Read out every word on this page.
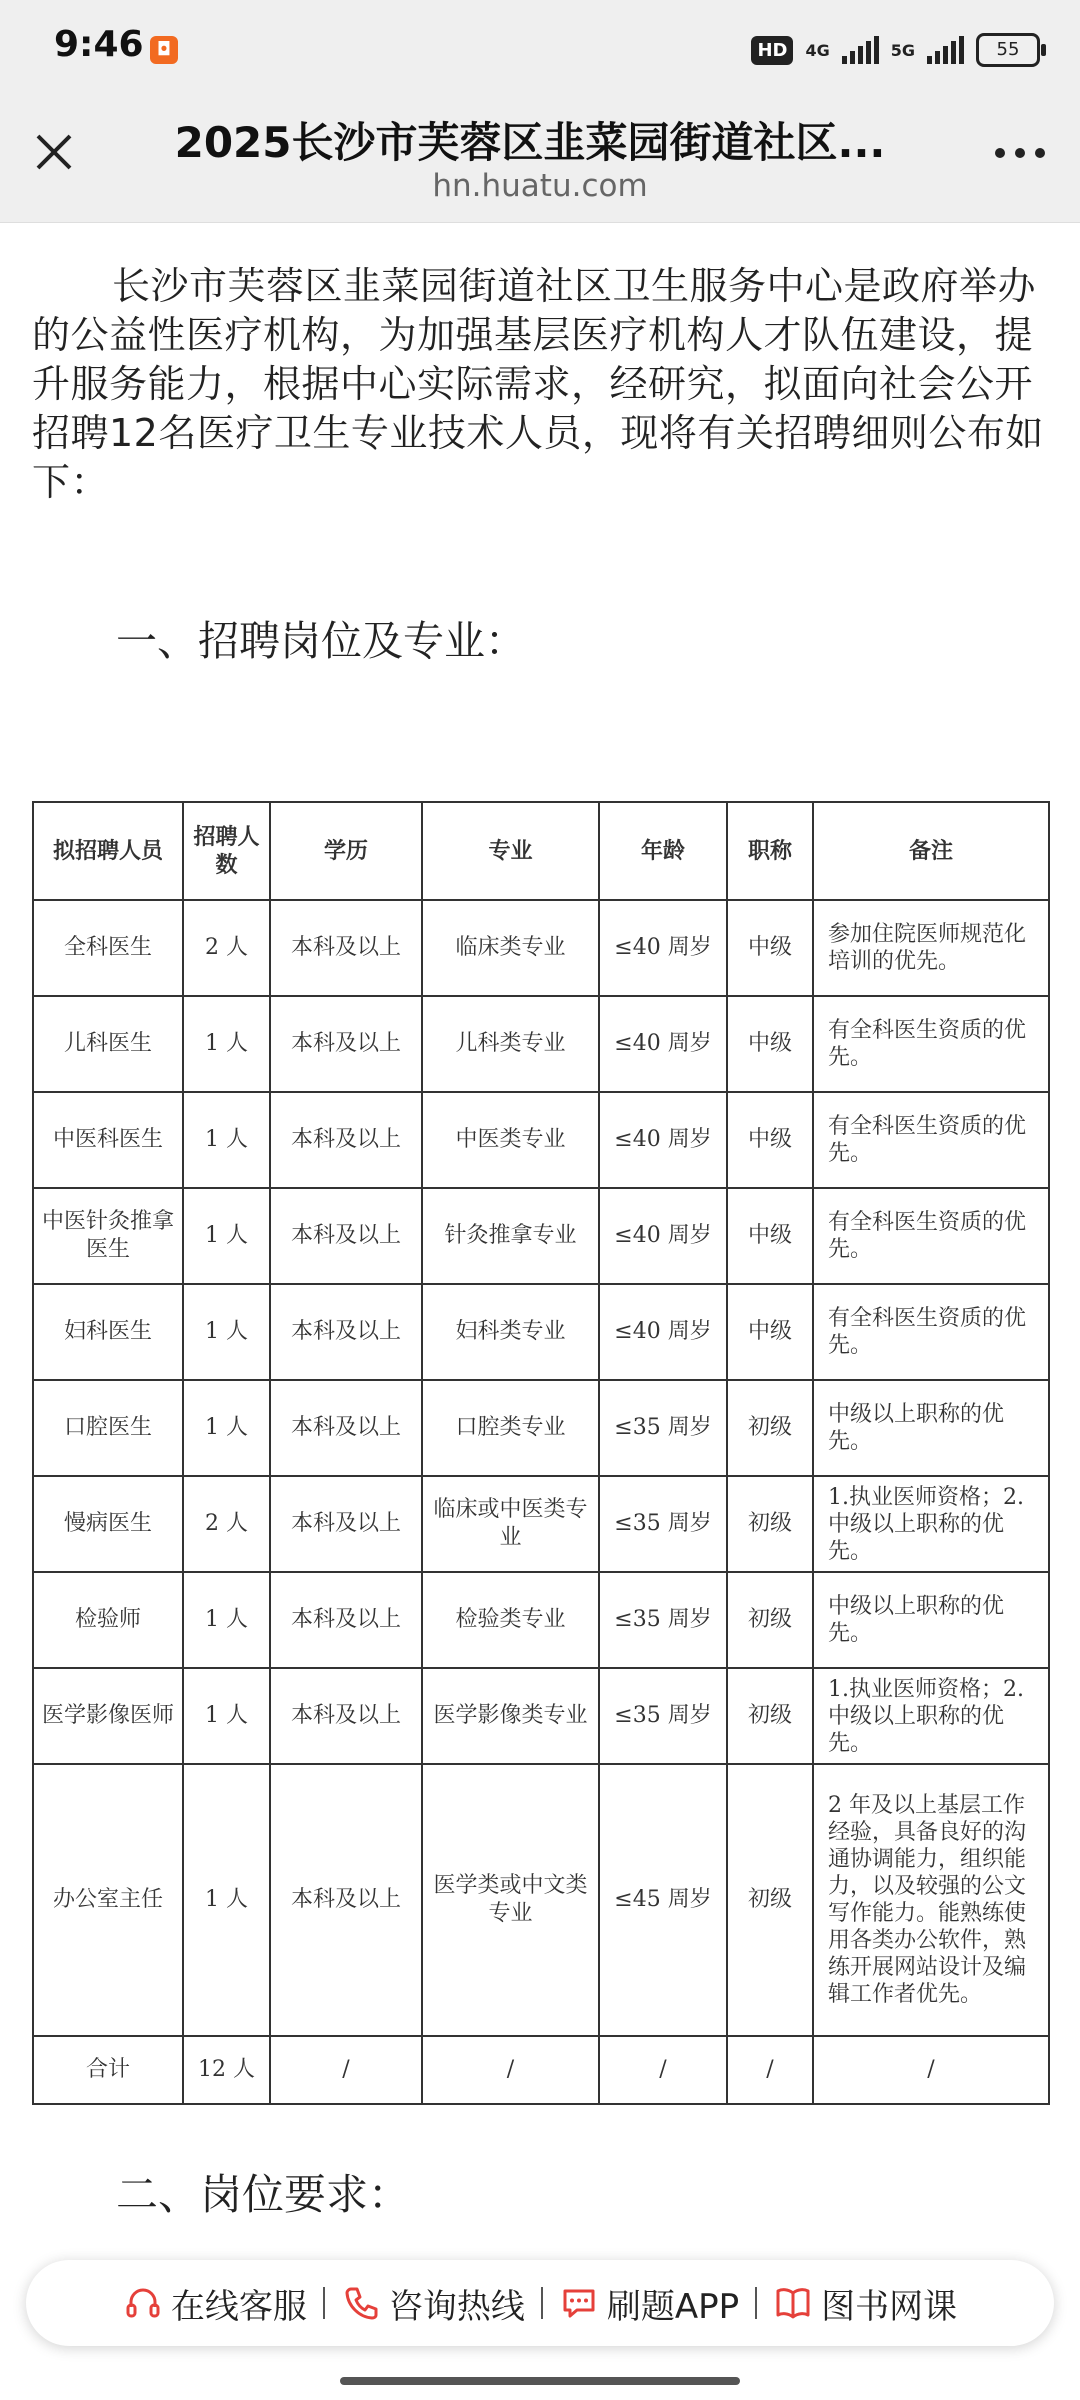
9:46 ◘	HD	4G	5G	55
2025长沙市芙蓉区韭菜园街道社区...
hn.huatu.com

长沙市芙蓉区韭菜园街道社区卫生服务中心是政府举办的公益性医疗机构，为加强基层医疗机构人才队伍建设，提升服务能力，根据中心实际需求，经研究，拟面向社会公开招聘12名医疗卫生专业技术人员，现将有关招聘细则公布如下：

一、招聘岗位及专业：
拟招聘人员	招聘人数	学历	专业	年龄	职称	备注
全科医生	2 人	本科及以上	临床类专业	≤40 周岁	中级	参加住院医师规范化培训的优先。
儿科医生	1 人	本科及以上	儿科类专业	≤40 周岁	中级	有全科医生资质的优先。
中医科医生	1 人	本科及以上	中医类专业	≤40 周岁	中级	有全科医生资质的优先。
中医针灸推拿医生	1 人	本科及以上	针灸推拿专业	≤40 周岁	中级	有全科医生资质的优先。
妇科医生	1 人	本科及以上	妇科类专业	≤40 周岁	中级	有全科医生资质的优先。
口腔医生	1 人	本科及以上	口腔类专业	≤35 周岁	初级	中级以上职称的优先。
慢病医生	2 人	本科及以上	临床或中医类专业	≤35 周岁	初级	1.执业医师资格；2.中级以上职称的优先。
检验师	1 人	本科及以上	检验类专业	≤35 周岁	初级	中级以上职称的优先。
医学影像医师	1 人	本科及以上	医学影像类专业	≤35 周岁	初级	1.执业医师资格；2.中级以上职称的优先。
办公室主任	1 人	本科及以上	医学类或中文类专业	≤45 周岁	初级	2 年及以上基层工作经验，具备良好的沟通协调能力，组织能力，以及较强的公文写作能力。能熟练使用各类办公软件，熟练开展网站设计及编辑工作者优先。
合计	12 人	/	/	/	/	/
二、岗位要求：
在线客服 咨询热线 刷题APP 图书网课
